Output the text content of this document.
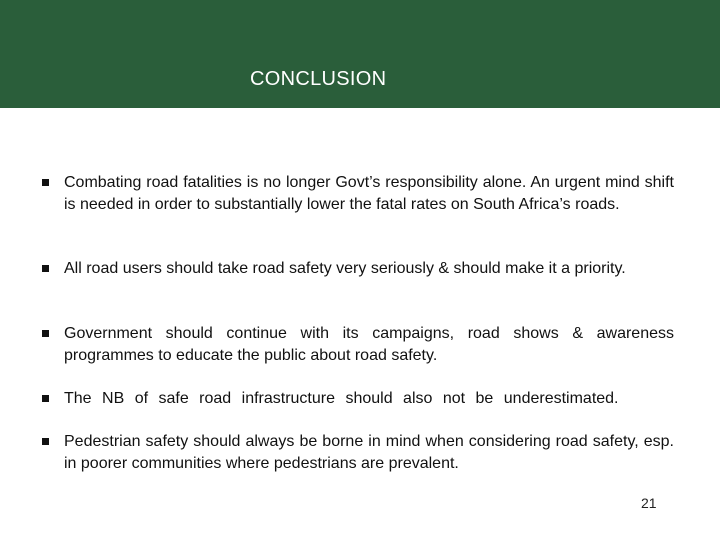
CONCLUSION
Combating road fatalities is no longer Govt’s responsibility alone. An urgent mind shift is needed in order to substantially lower the fatal rates on South Africa’s roads.
All road users should take road safety very seriously & should make it a priority.
Government should continue with its campaigns, road shows & awareness programmes to educate the public about road safety.
The NB of safe road infrastructure should also not be underestimated.
Pedestrian safety should always be borne in mind when considering road safety, esp. in poorer communities where pedestrians are prevalent.
21
